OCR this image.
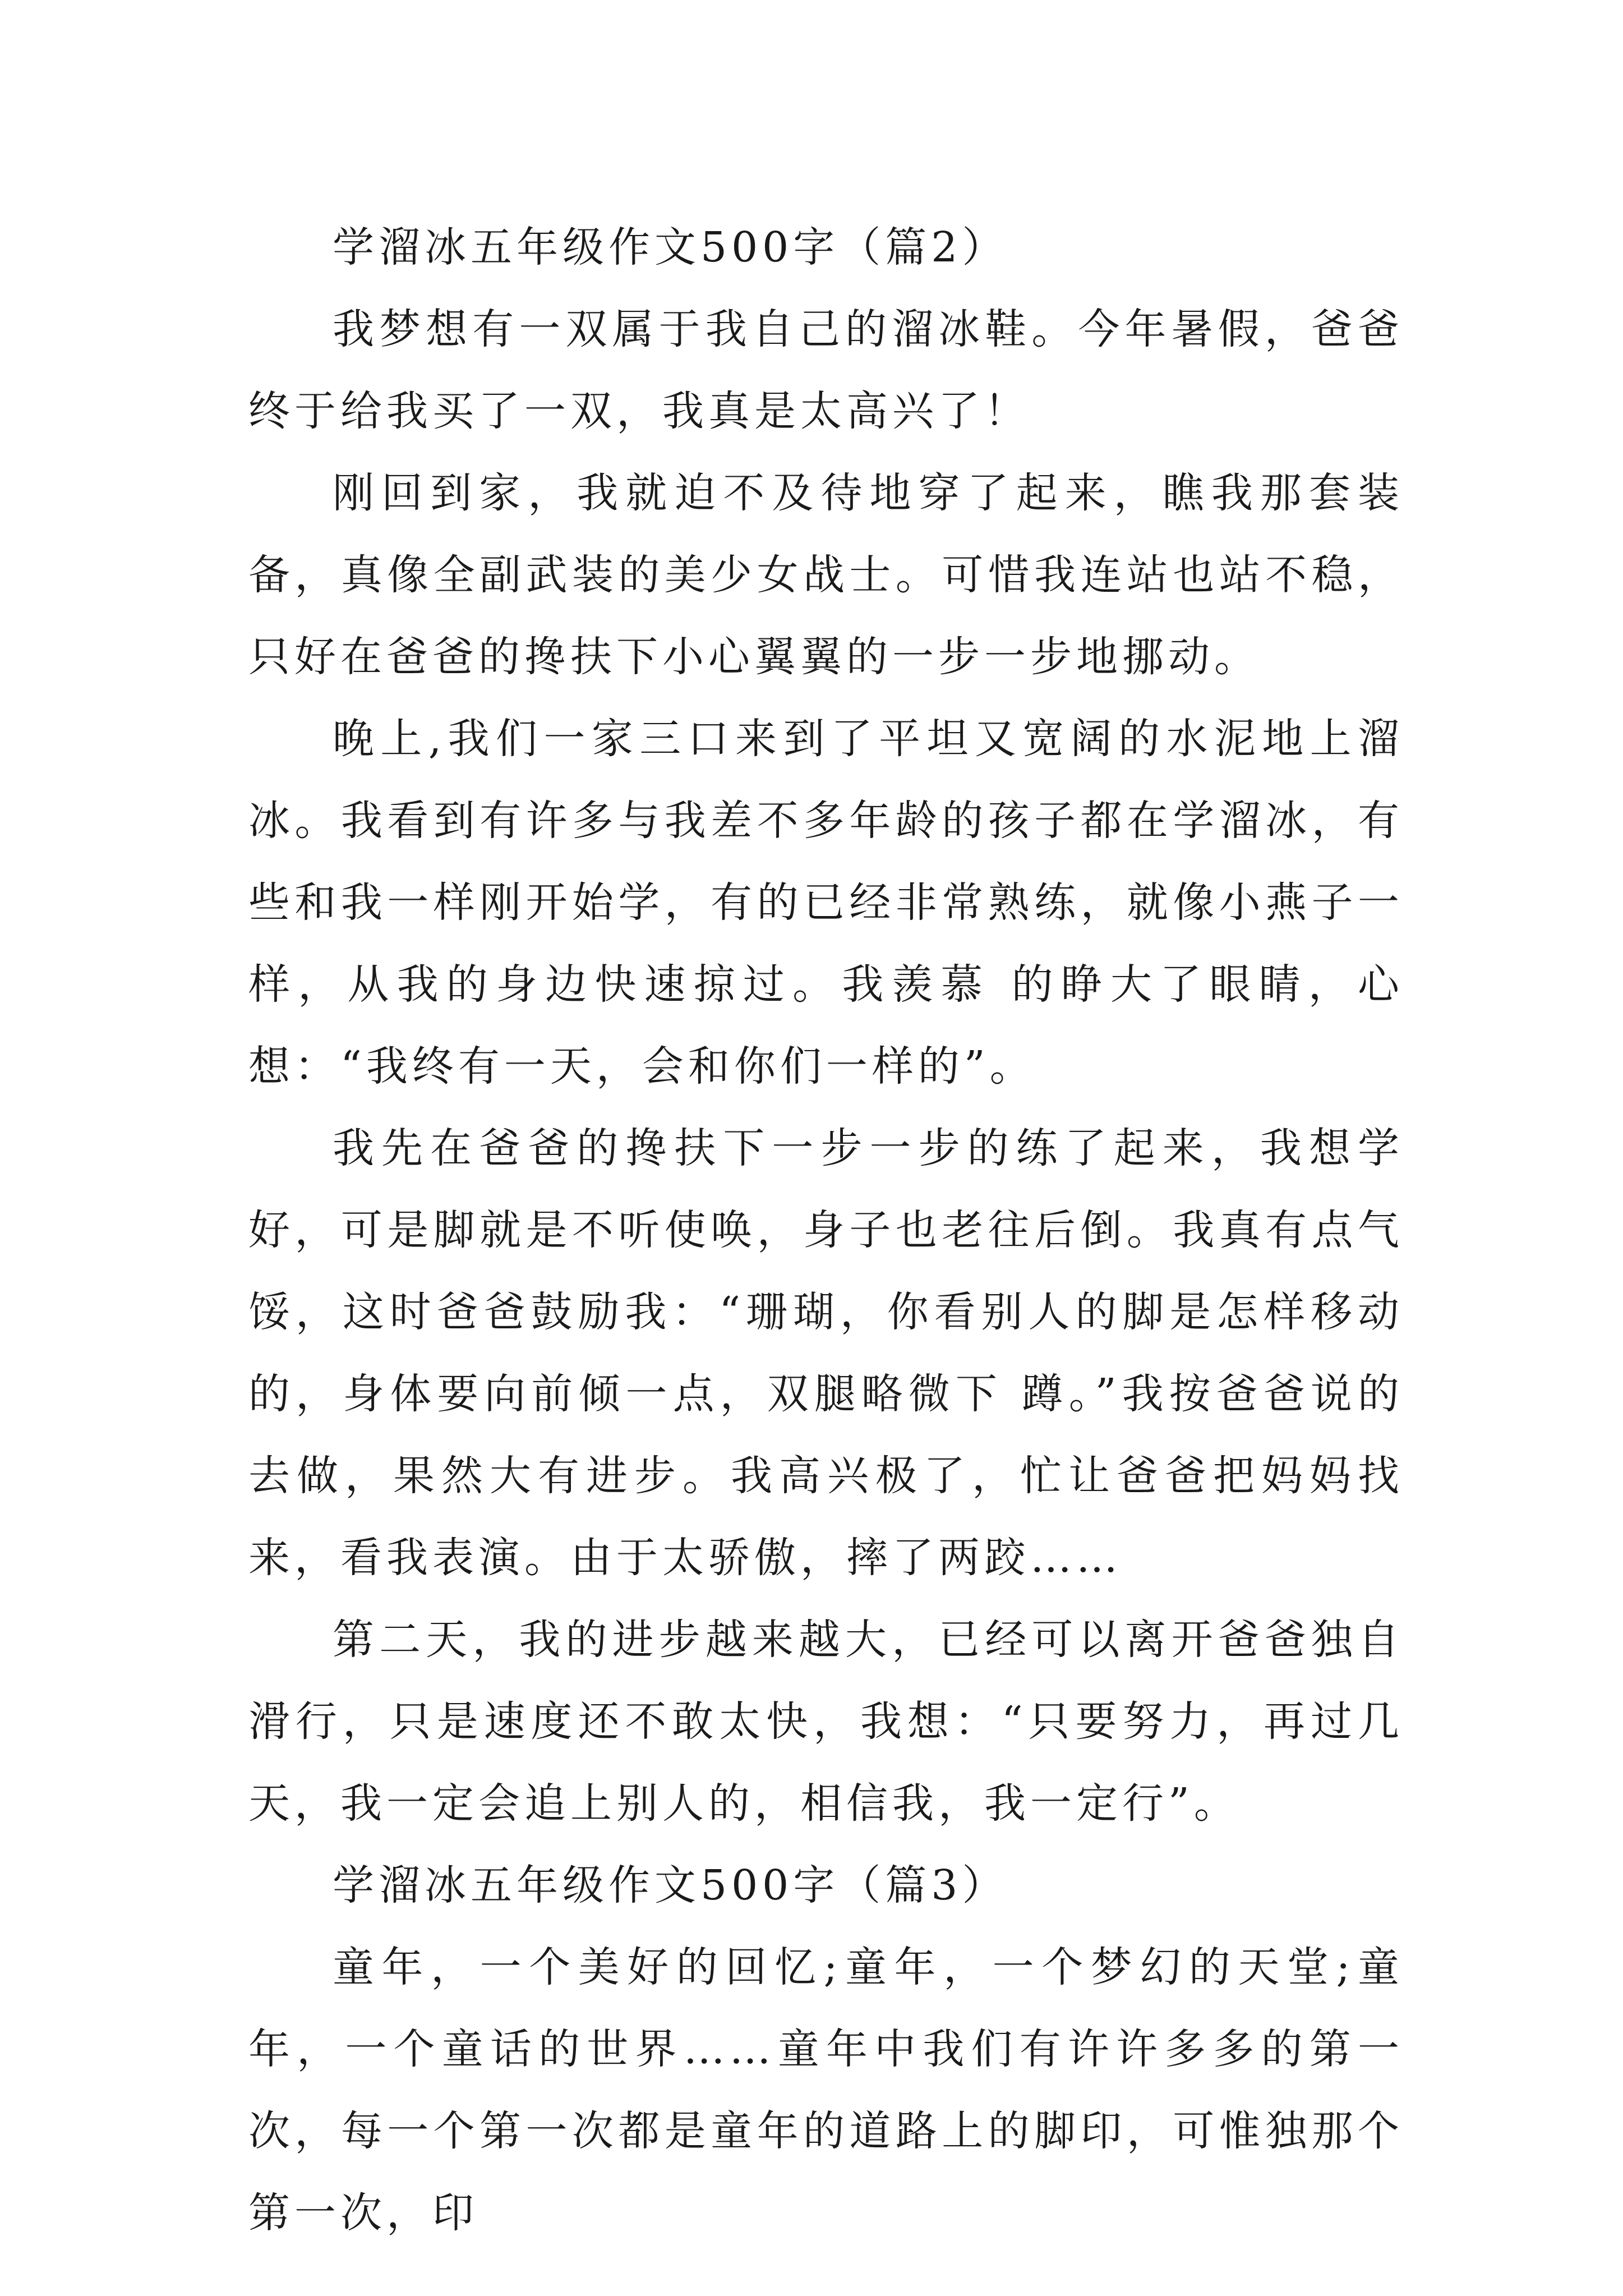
学溜冰五年级作文500字（篇2）

我梦想有一双属于我自己的溜冰鞋。今年暑假，爸爸终于给我买了一双，我真是太高兴了！

刚回到家，我就迫不及待地穿了起来，瞧我那套装备，真像全副武装的美少女战士。可惜我连站也站不稳，只好在爸爸的搀扶下小心翼翼的一步一步地挪动。

晚上,我们一家三口来到了平坦又宽阔的水泥地上溜冰。我看到有许多与我差不多年龄的孩子都在学溜冰，有些和我一样刚开始学，有的已经非常熟练，就像小燕子一样，从我的身边快速掠过。我羡慕 的睁大了眼睛，心想：“我终有一天，会和你们一样的”。

我先在爸爸的搀扶下一步一步的练了起来，我想学好，可是脚就是不听使唤，身子也老往后倒。我真有点气馁，这时爸爸鼓励我：“珊瑚，你看别人的脚是怎样移动的，身体要向前倾一点，双腿略微下 蹲。”我按爸爸说的去做，果然大有进步。我高兴极了，忙让爸爸把妈妈找来，看我表演。由于太骄傲，摔了两跤……

第二天，我的进步越来越大，已经可以离开爸爸独自滑行，只是速度还不敢太快，我想：“只要努力，再过几天，我一定会追上别人的，相信我，我一定行”。

学溜冰五年级作文500字（篇3）

童年，一个美好的回忆;童年，一个梦幻的天堂;童年，一个童话的世界……童年中我们有许许多多的第一次，每一个第一次都是童年的道路上的脚印，可惟独那个第一次，印
